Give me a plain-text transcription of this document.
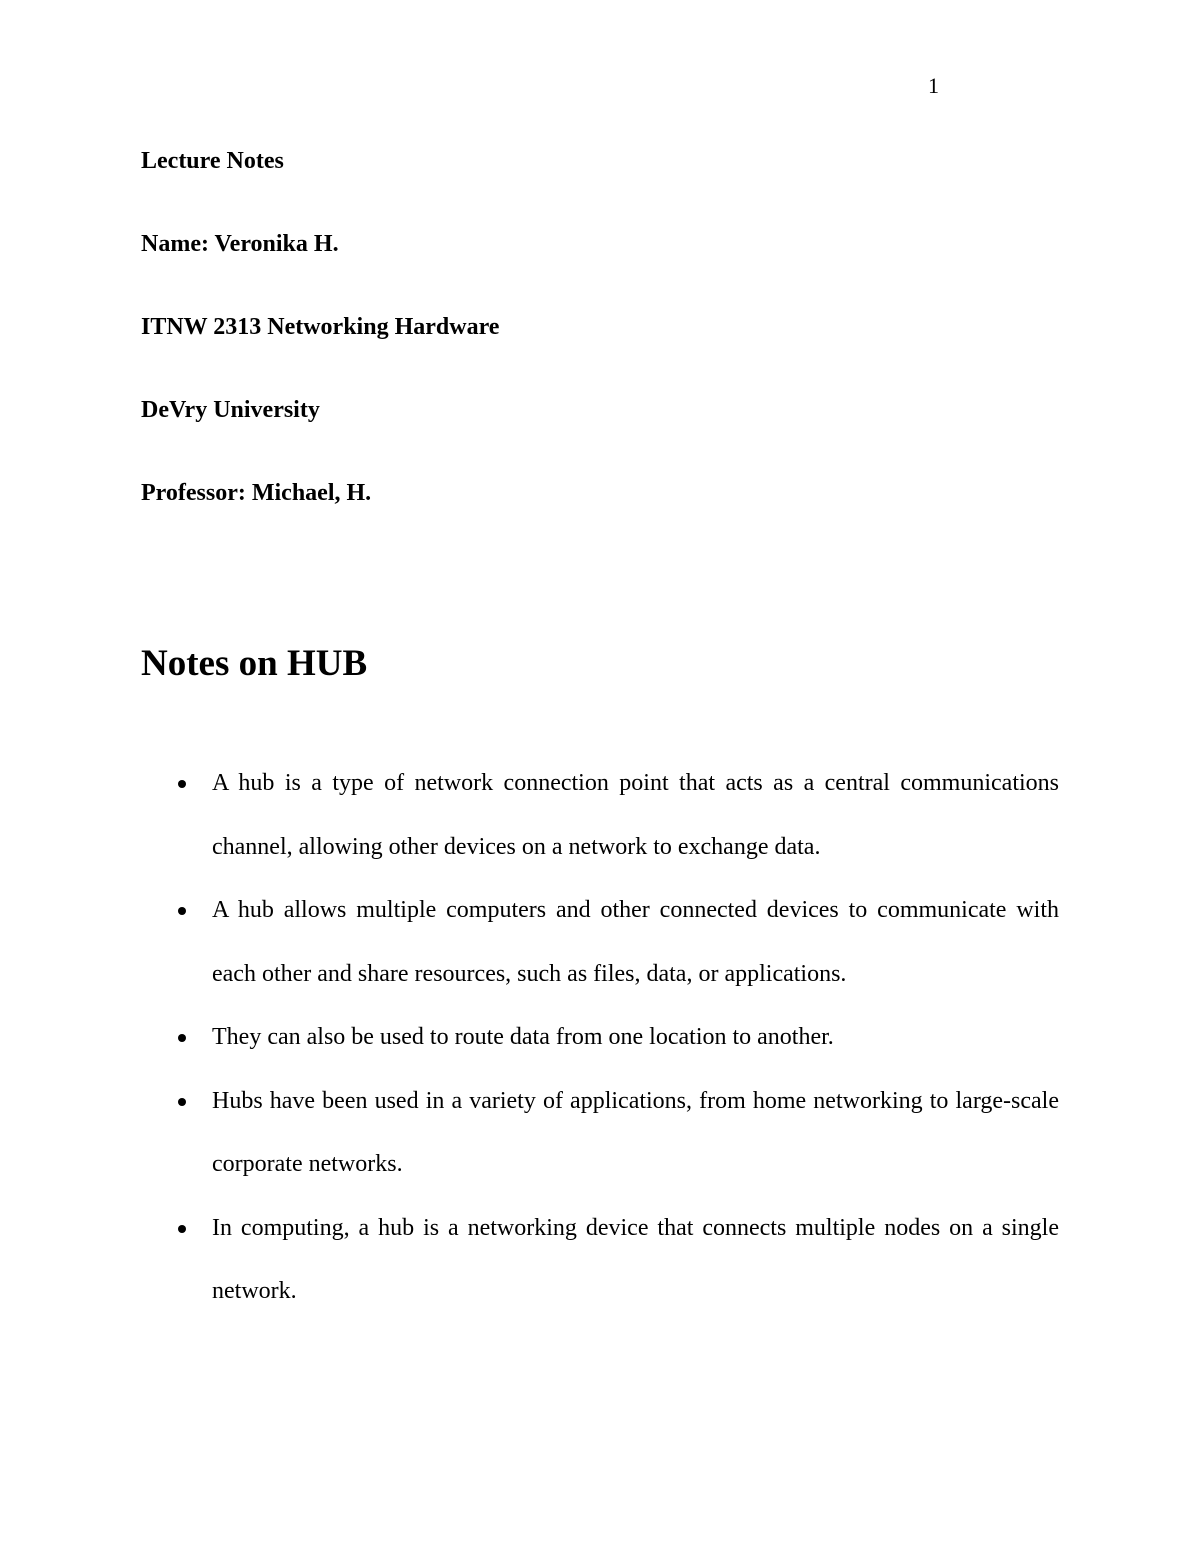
1
Lecture Notes
Name: Veronika H.
ITNW 2313 Networking Hardware
DeVry University
Professor: Michael, H.
Notes on HUB
A hub is a type of network connection point that acts as a central communications channel, allowing other devices on a network to exchange data.
A hub allows multiple computers and other connected devices to communicate with each other and share resources, such as files, data, or applications.
They can also be used to route data from one location to another.
Hubs have been used in a variety of applications, from home networking to large-scale corporate networks.
In computing, a hub is a networking device that connects multiple nodes on a single network.
